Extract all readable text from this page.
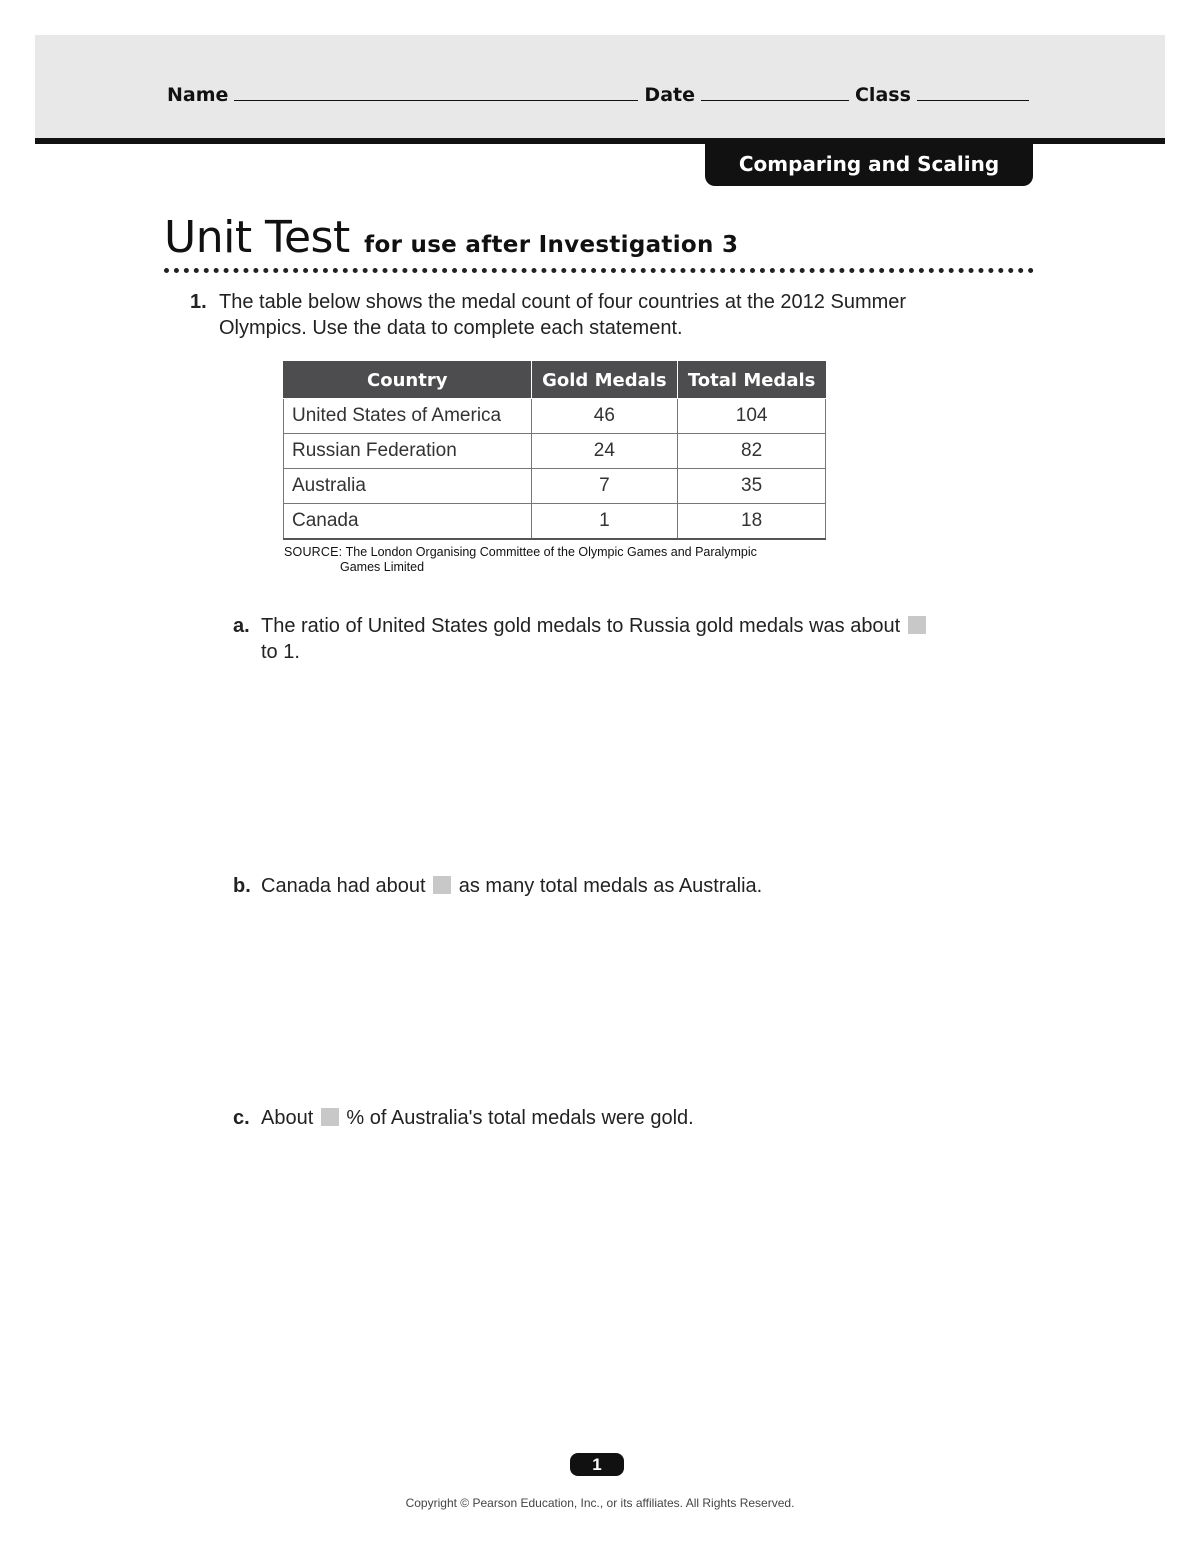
Name	Date	Class
Comparing and Scaling
Unit Test for use after Investigation 3
1. The table below shows the medal count of four countries at the 2012 Summer Olympics. Use the data to complete each statement.
Country	Gold Medals	Total Medals
United States of America	46	104
Russian Federation	24	82
Australia	7	35
Canada	1	18
SOURCE: The London Organising Committee of the Olympic Games and Paralympic
Games Limited
a. The ratio of United States gold medals to Russia gold medals was about  to 1.
b. Canada had about as many total medals as Australia.
c. About % of Australia's total medals were gold.
1
Copyright © Pearson Education, Inc., or its affiliates. All Rights Reserved.
